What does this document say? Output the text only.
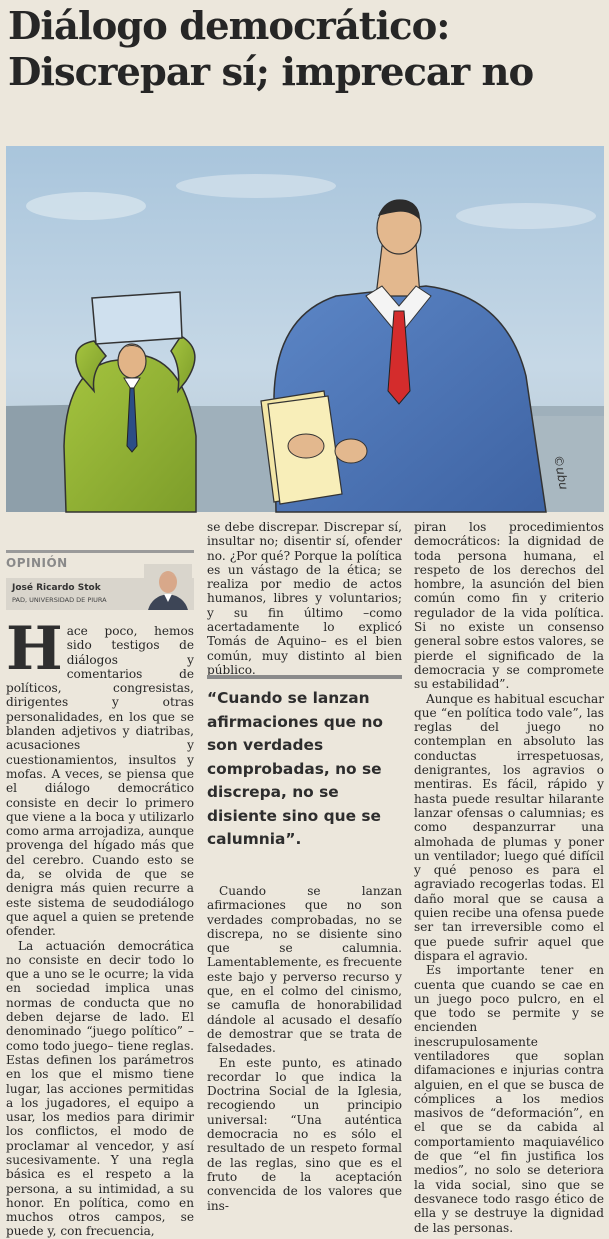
Diálogo democrático:
Discrepar sí; imprecar no
©ubu
OPINIÓN
José Ricardo Stok
PAD, UNIVERSIDAD DE PIURA

Hace poco, hemos sido testigos de diálogos y comentarios de políticos, congresistas, dirigentes y otras personalidades, en los que se blanden adjetivos y diatribas, acusaciones y cuestionamientos, insultos y mofas. A veces, se piensa que el diálogo democrático consiste en decir lo primero que viene a la boca y utilizarlo como arma arrojadiza, aunque provenga del hígado más que del cerebro. Cuando esto se da, se olvida de que se denigra más quien recurre a este sistema de seudodiálogo que aquel a quien se pretende ofender.

La actuación democrática no consiste en decir todo lo que a uno se le ocurre; la vida en sociedad implica unas normas de conducta que no deben dejarse de lado. El denominado “juego político” –como todo juego– tiene reglas. Estas definen los parámetros en los que el mismo tiene lugar, las acciones permitidas a los jugadores, el equipo a usar, los medios para dirimir los conflictos, el modo de proclamar al vencedor, y así sucesivamente. Y una regla básica es el respeto a la persona, a su intimidad, a su honor. En política, como en muchos otros campos, se puede y, con frecuencia,

se debe discrepar. Discrepar sí, insultar no; disentir sí, ofender no. ¿Por qué? Porque la política es un vástago de la ética; se realiza por medio de actos humanos, libres y voluntarios; y su fin último –como acertadamente lo explicó Tomás de Aquino– es el bien común, muy distinto al bien público.

“Cuando se lanzan afirmaciones que no son verdades comprobadas, no se discrepa, no se disiente sino que se calumnia”.

Cuando se lanzan afirmaciones que no son verdades comprobadas, no se discrepa, no se disiente sino que se calumnia. Lamentablemente, es frecuente este bajo y perverso recurso y que, en el colmo del cinismo, se camufla de honorabilidad dándole al acusado el desafío de demostrar que se trata de falsedades.

En este punto, es atinado recordar lo que indica la Doctrina Social de la Iglesia, recogiendo un principio universal: “Una auténtica democracia no es sólo el resultado de un respeto formal de las reglas, sino que es el fruto de la aceptación convencida de los valores que ins-

piran los procedimientos democráticos: la dignidad de toda persona humana, el respeto de los derechos del hombre, la asunción del bien común como fin y criterio regulador de la vida política. Si no existe un consenso general sobre estos valores, se pierde el significado de la democracia y se compromete su estabilidad”.

Aunque es habitual escuchar que “en política todo vale”, las reglas del juego no contemplan en absoluto las conductas irrespetuosas, denigrantes, los agravios o mentiras. Es fácil, rápido y hasta puede resultar hilarante lanzar ofensas o calumnias; es como despanzurrar una almohada de plumas y poner un ventilador; luego qué difícil y qué penoso es para el agraviado recogerlas todas. El daño moral que se causa a quien recibe una ofensa puede ser tan irreversible como el que puede sufrir aquel que dispara el agravio.

Es importante tener en cuenta que cuando se cae en un juego poco pulcro, en el que todo se permite y se encienden inescrupulosamente ventiladores que soplan difamaciones e injurias contra alguien, en el que se busca de cómplices a los medios masivos de “deformación”, en el que se da cabida al comportamiento maquiavélico de que “el fin justifica los medios”, no solo se deteriora la vida social, sino que se desvanece todo rasgo ético de ella y se destruye la dignidad de las personas.
